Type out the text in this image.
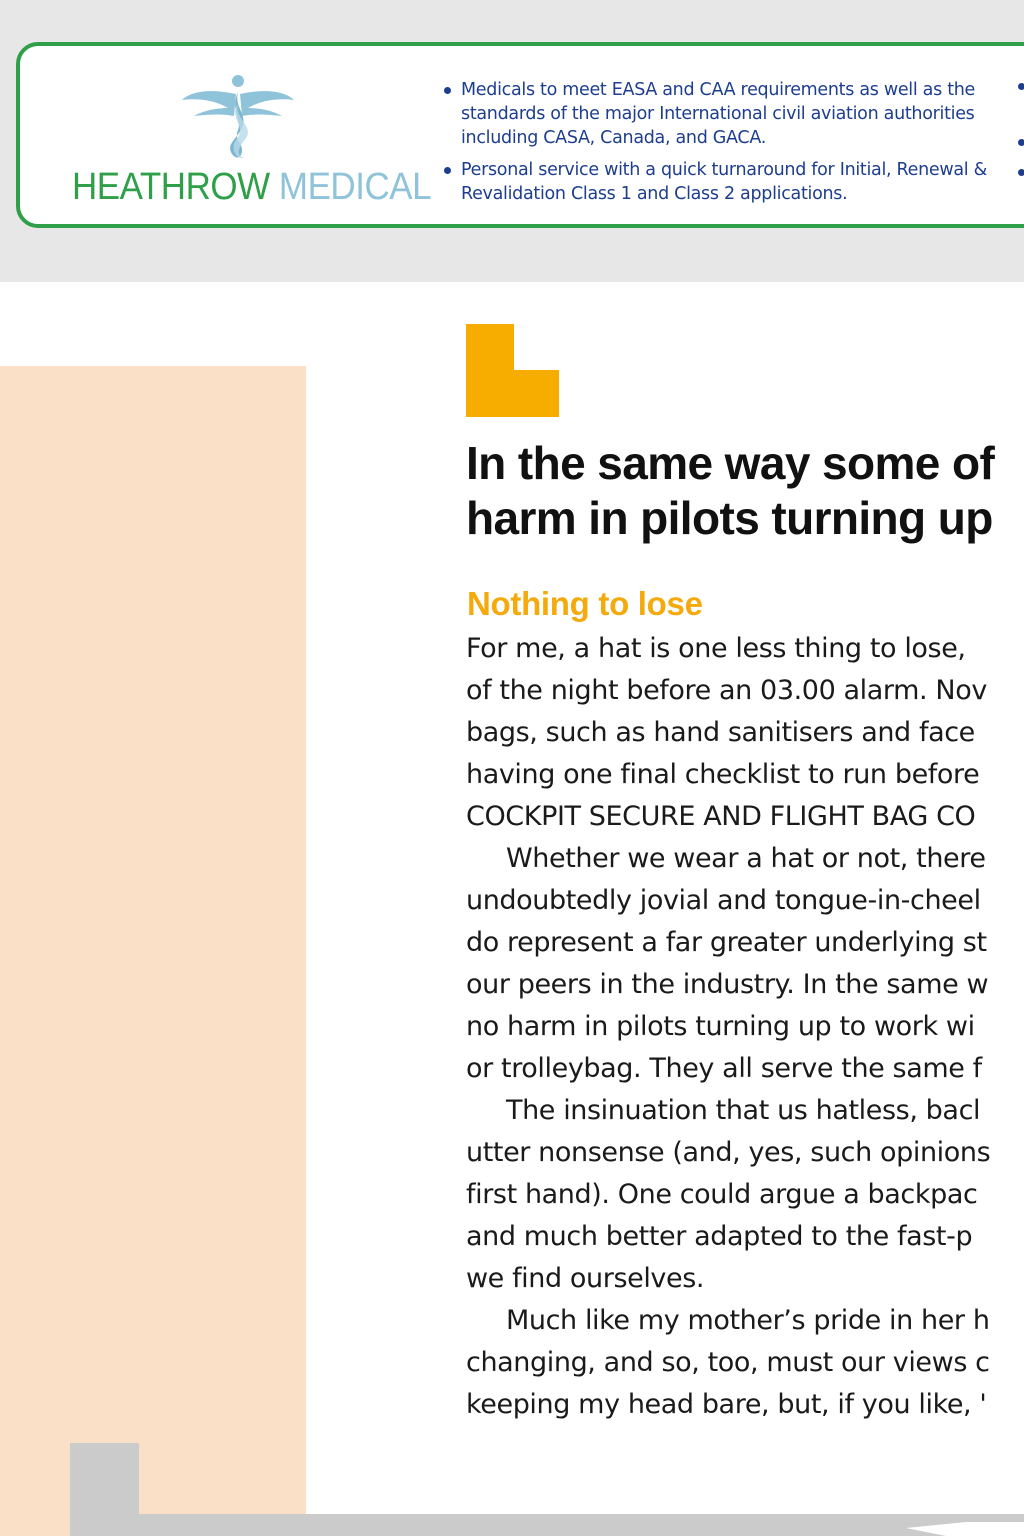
HEATHROW MEDICAL
Medicals to meet EASA and CAA requirements as well as the standards of the major International civil aviation authorities including CASA, Canada, and GACA.
Personal service with a quick turnaround for Initial, Renewal & Revalidation Class 1 and Class 2 applications.
In the same way some of
harm in pilots turning up
Nothing to lose
For me, a hat is one less thing to lose,
of the night before an 03.00 alarm. Nov
bags, such as hand sanitisers and face
having one final checklist to run before
COCKPIT SECURE AND FLIGHT BAG CO
Whether we wear a hat or not, there
undoubtedly jovial and tongue-in-cheel
do represent a far greater underlying st
our peers in the industry. In the same w
no harm in pilots turning up to work wi
or trolleybag. They all serve the same f
The insinuation that us hatless, bacl
utter nonsense (and, yes, such opinions
first hand). One could argue a backpac
and much better adapted to the fast-p
we find ourselves.
Much like my mother’s pride in her h
changing, and so, too, must our views c
keeping my head bare, but, if you like, '
